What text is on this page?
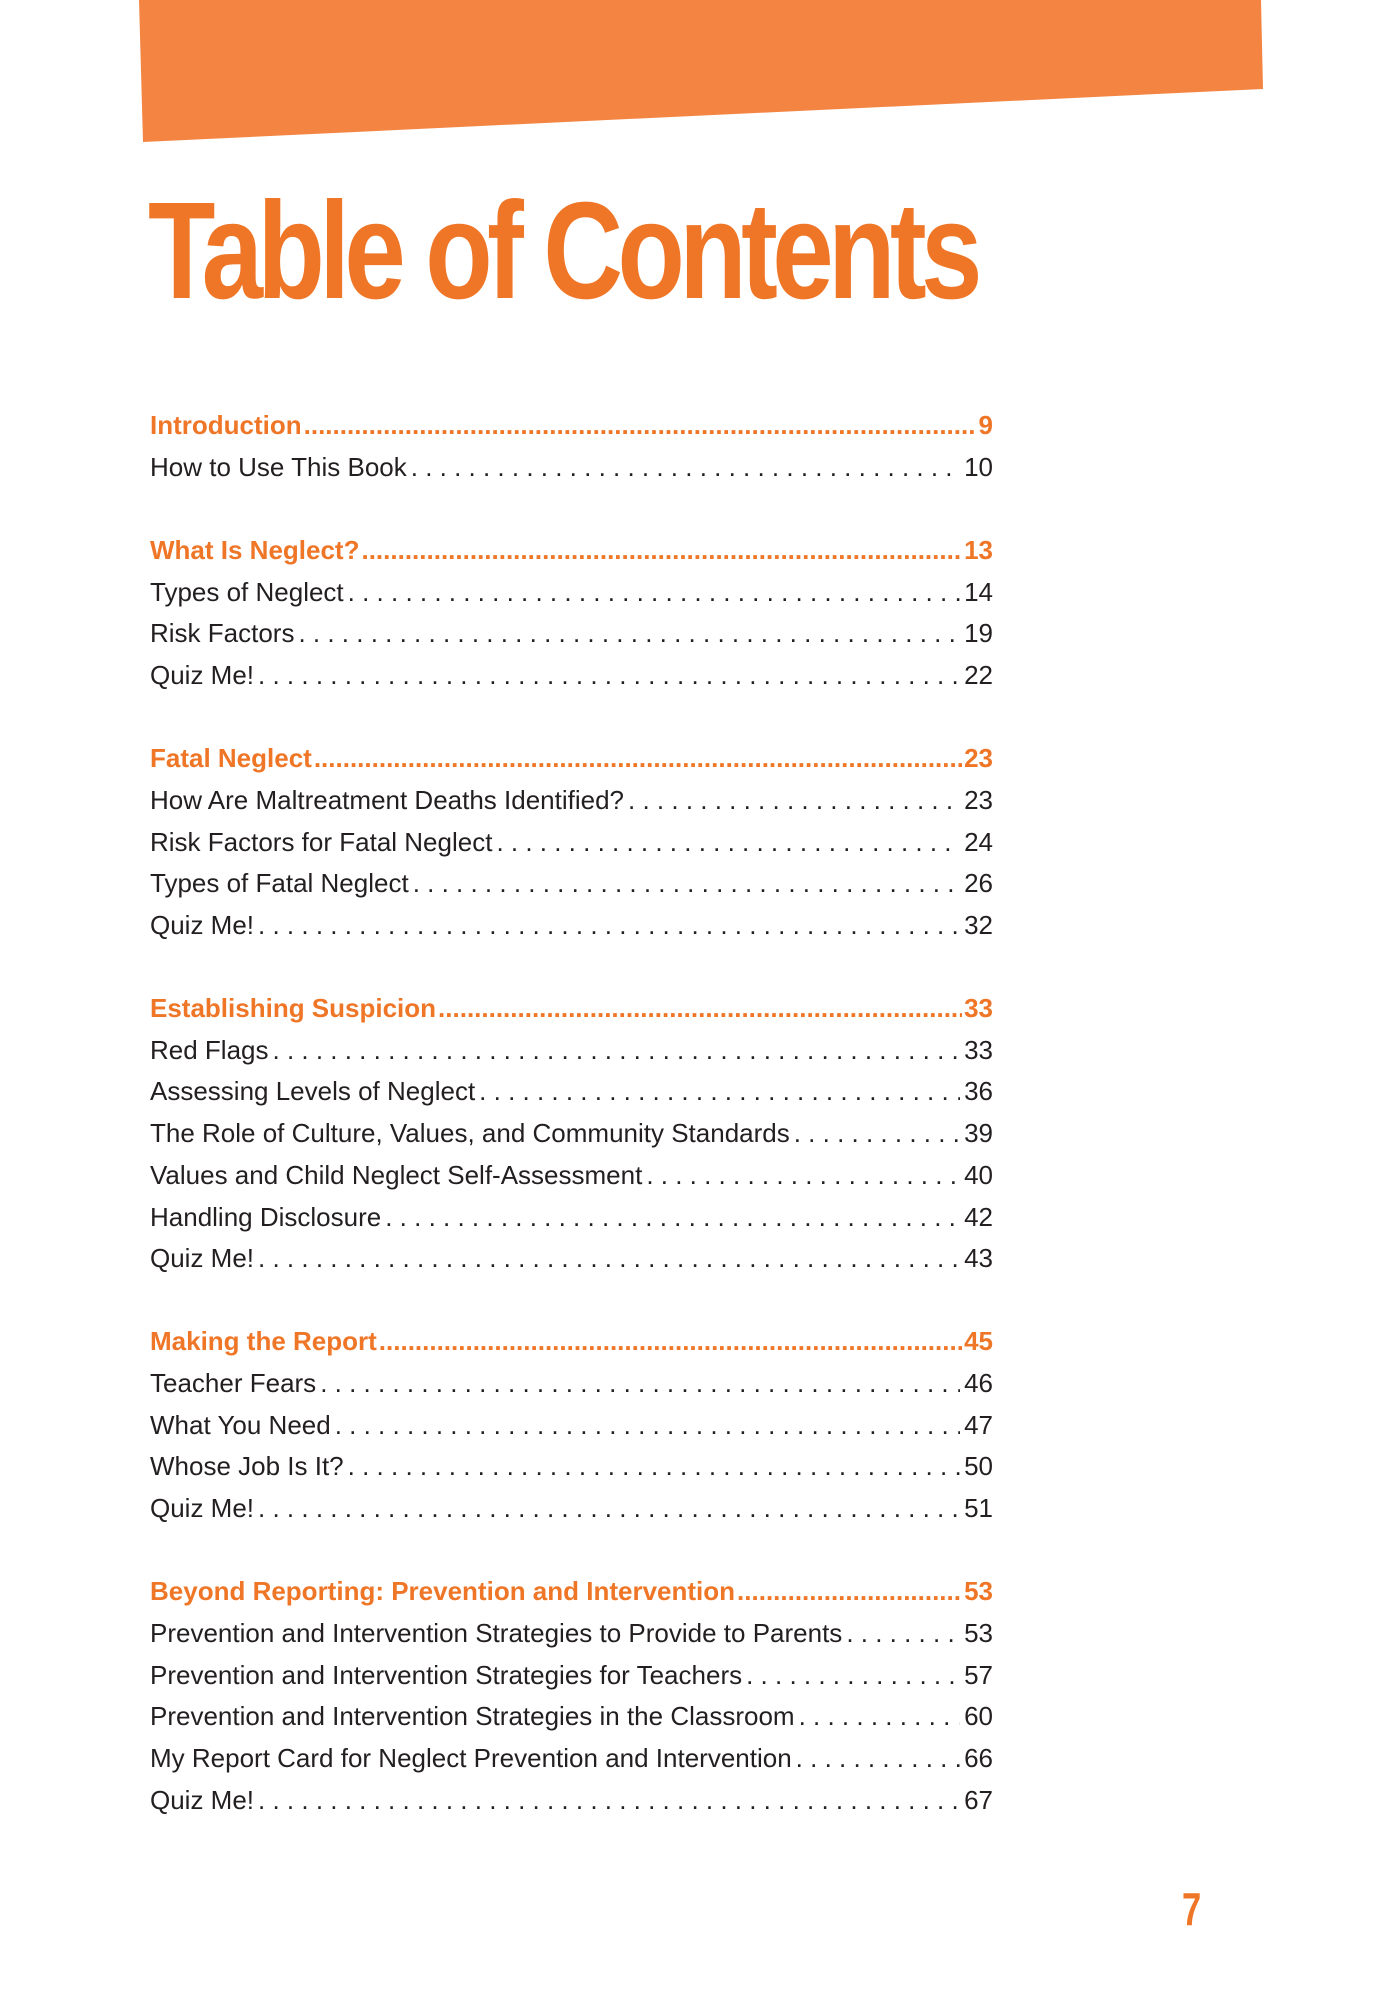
Table of Contents
Introduction .....	9
How to Use This Book . . .	10
What Is Neglect? .....	13
Types of Neglect . . .	14
Risk Factors . . .	19
Quiz Me! . . .	22
Fatal Neglect .....	23
How Are Maltreatment Deaths Identified? . . .	23
Risk Factors for Fatal Neglect . . .	24
Types of Fatal Neglect . . .	26
Quiz Me! . . .	32
Establishing Suspicion .....	33
Red Flags . . .	33
Assessing Levels of Neglect . . .	36
The Role of Culture, Values, and Community Standards . . .	39
Values and Child Neglect Self-Assessment . . .	40
Handling Disclosure . . .	42
Quiz Me! . . .	43
Making the Report .....	45
Teacher Fears . . .	46
What You Need . . .	47
Whose Job Is It? . . .	50
Quiz Me! . . .	51
Beyond Reporting: Prevention and Intervention .....	53
Prevention and Intervention Strategies to Provide to Parents . . .	53
Prevention and Intervention Strategies for Teachers . . .	57
Prevention and Intervention Strategies in the Classroom . . .	60
My Report Card for Neglect Prevention and Intervention . . .	66
Quiz Me! . . .	67
7
